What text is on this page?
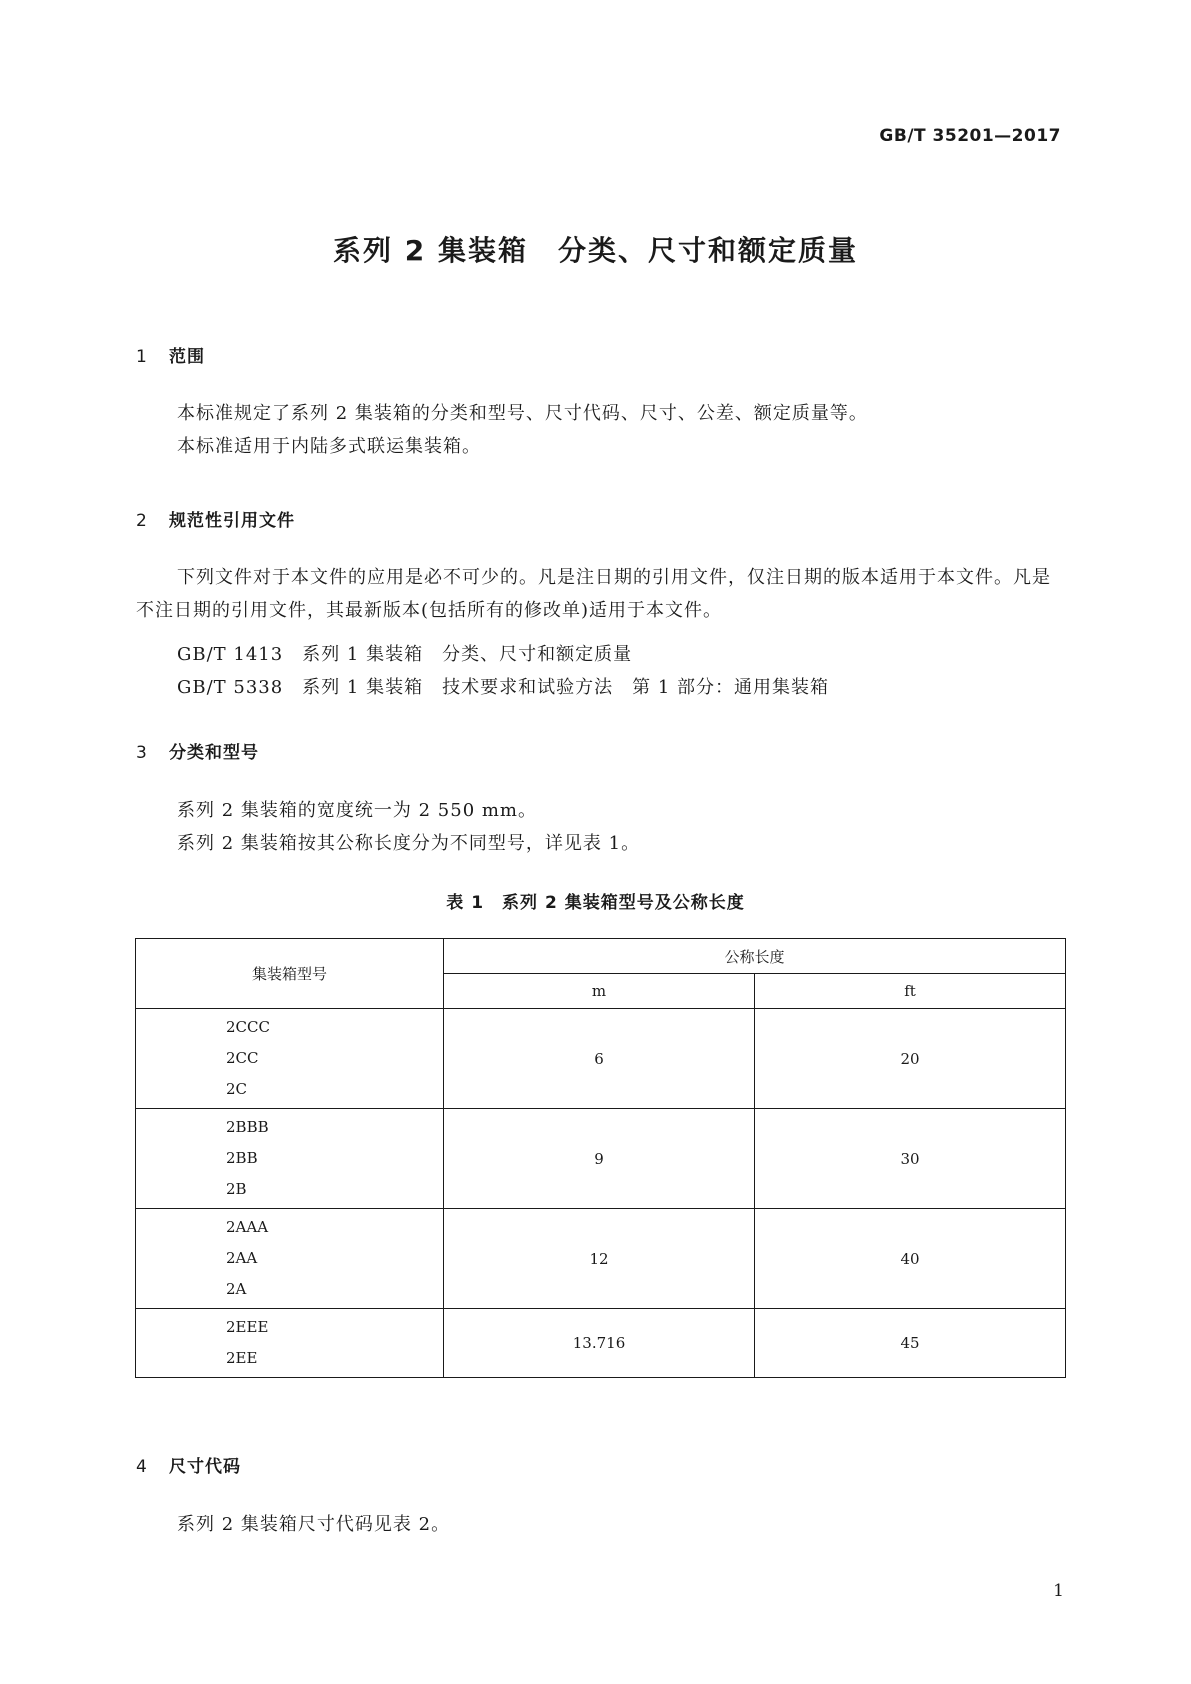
GB/T 35201—2017
系列 2 集装箱　分类、尺寸和额定质量
1 范围
本标准规定了系列 2 集装箱的分类和型号、尺寸代码、尺寸、公差、额定质量等。
本标准适用于内陆多式联运集装箱。
2 规范性引用文件
下列文件对于本文件的应用是必不可少的。凡是注日期的引用文件，仅注日期的版本适用于本文件。凡是不注日期的引用文件，其最新版本(包括所有的修改单)适用于本文件。
GB/T 1413　系列 1 集装箱　分类、尺寸和额定质量
GB/T 5338　系列 1 集装箱　技术要求和试验方法　第 1 部分：通用集装箱
3 分类和型号
系列 2 集装箱的宽度统一为 2 550 mm。
系列 2 集装箱按其公称长度分为不同型号，详见表 1。
表 1　系列 2 集装箱型号及公称长度
集装箱型号	公称长度	
	m	ft

2CCC
2CC
2C	6	20

2BBB
2BB
2B	9	30

2AAA
2AA
2A	12	40

2EEE
2EE	13.716	45
4 尺寸代码
系列 2 集装箱尺寸代码见表 2。
1
